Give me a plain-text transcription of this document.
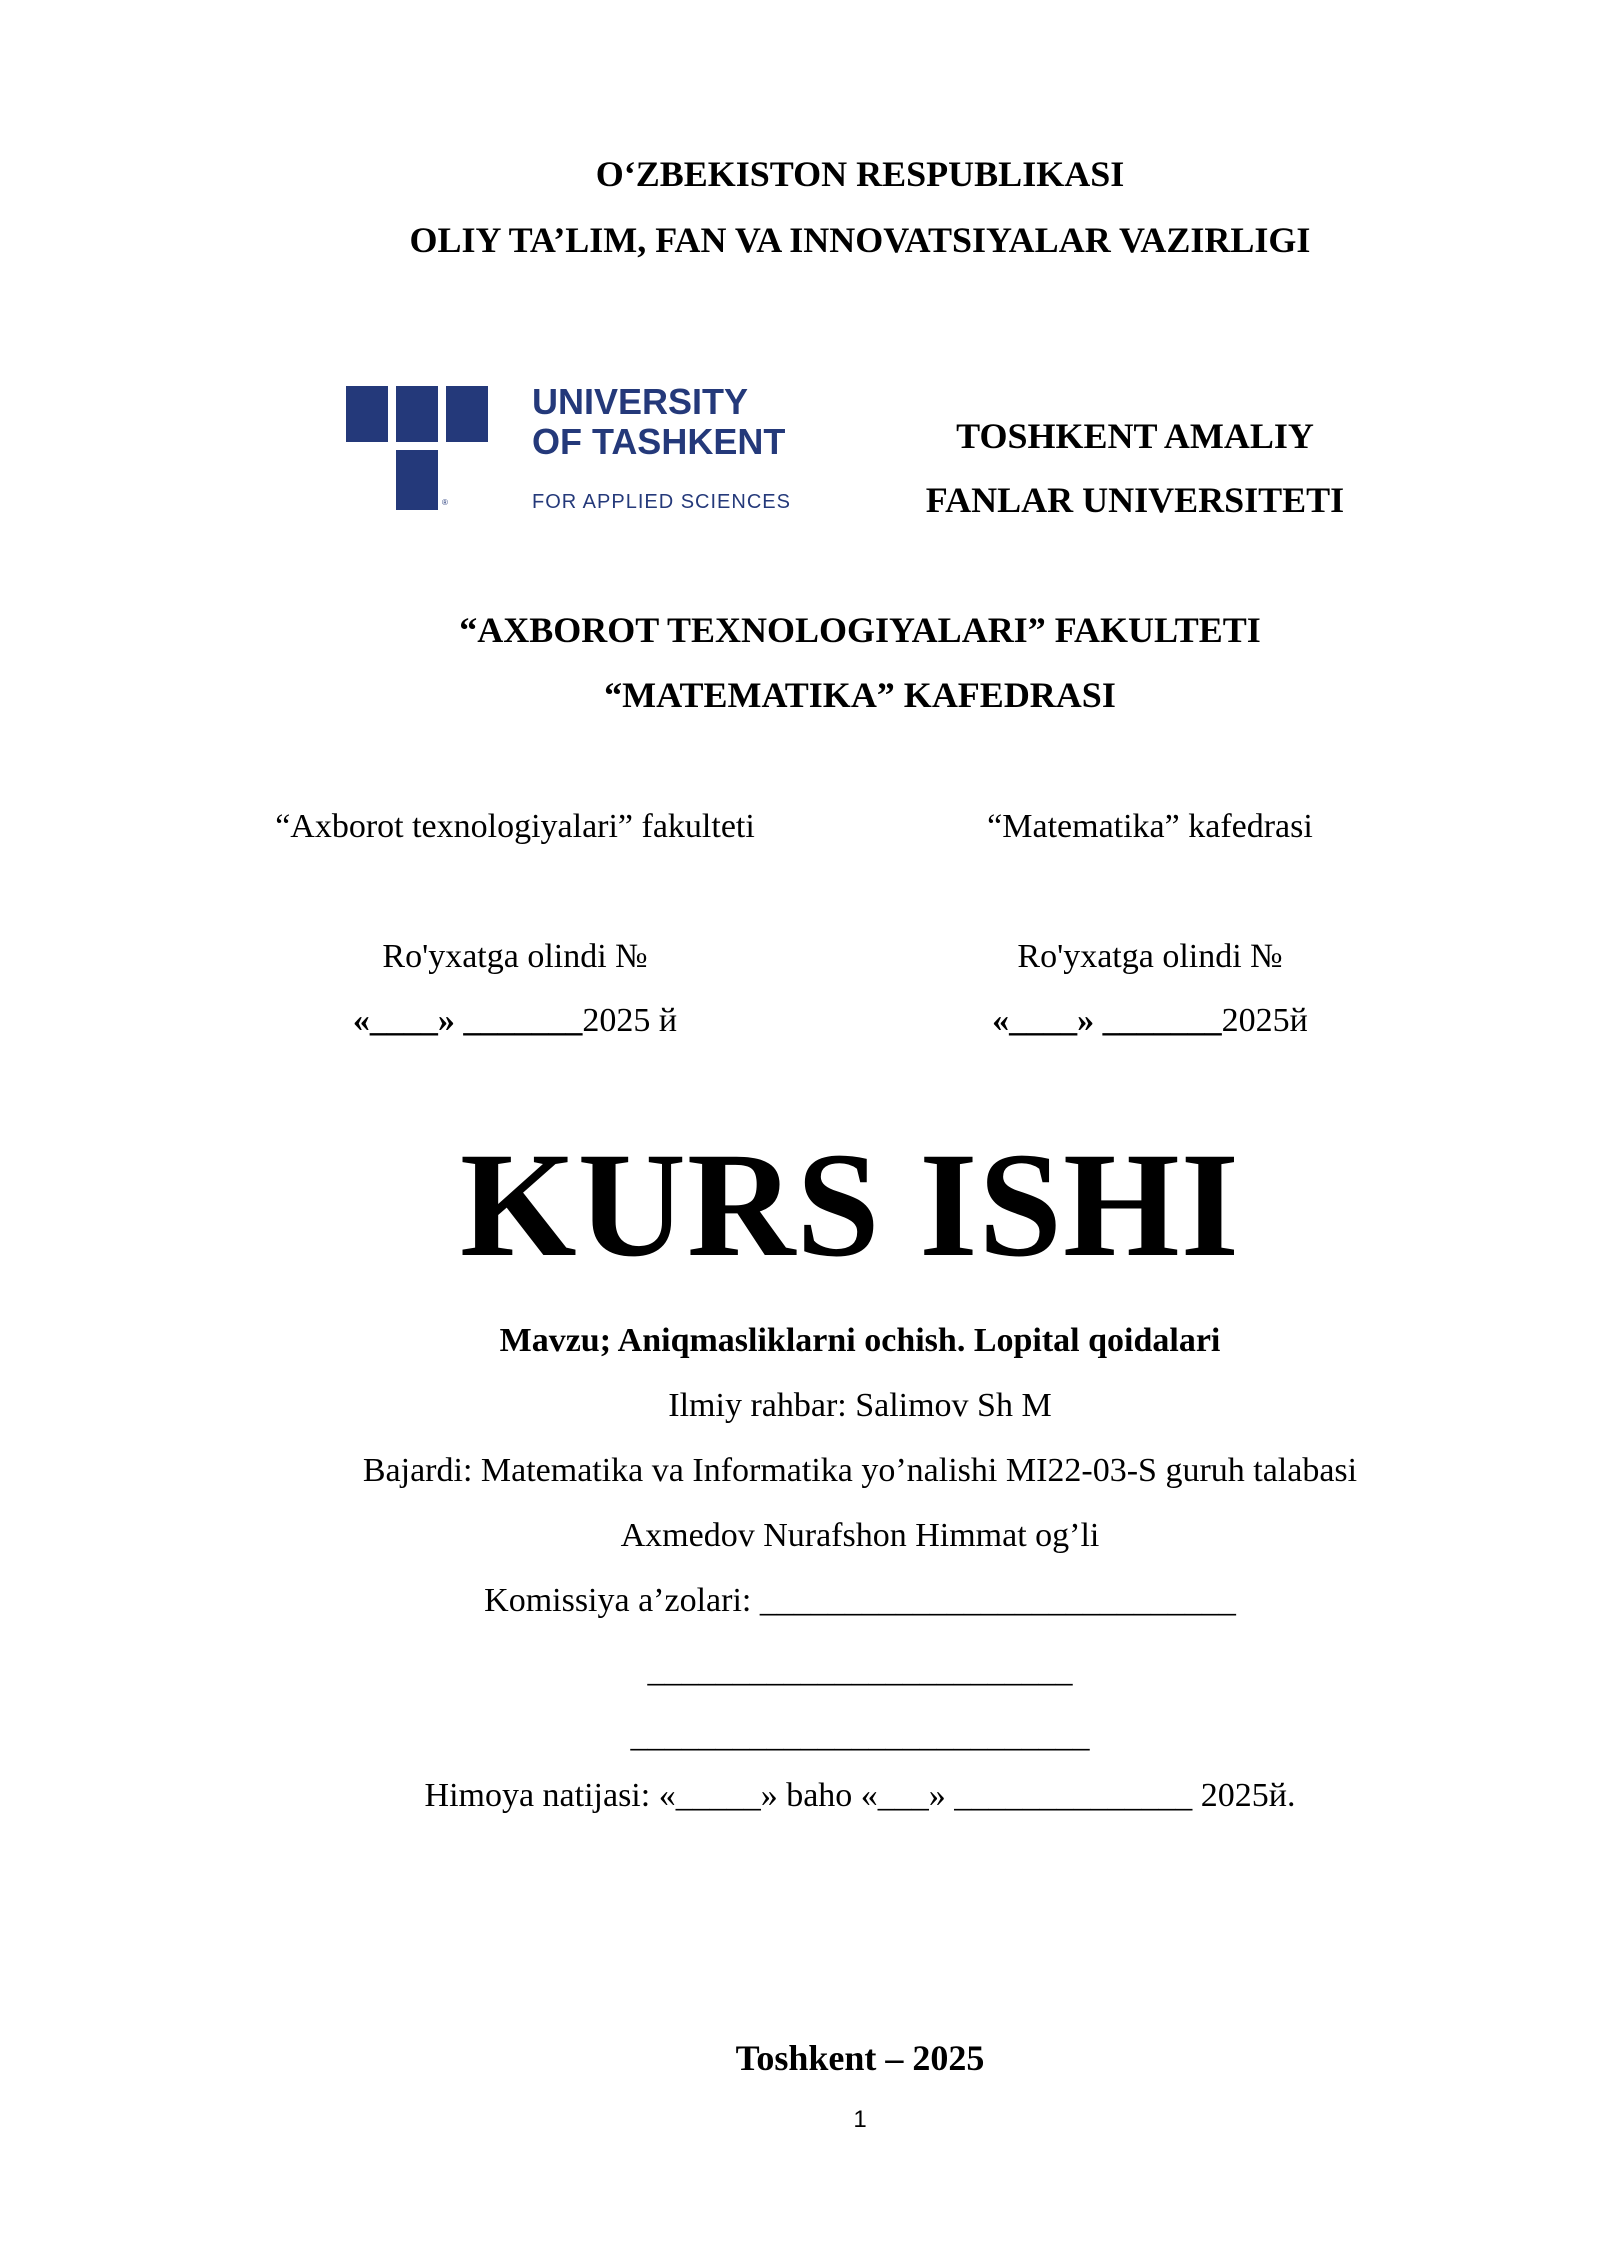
O‘ZBEKISTON RESPUBLIKASI
OLIY TA’LIM, FAN VA INNOVATSIYALAR VAZIRLIGI
®
UNIVERSITY
OF TASHKENT
FOR APPLIED SCIENCES
TOSHKENT AMALIY
FANLAR UNIVERSITETI
“AXBOROT TEXNOLOGIYALARI” FAKULTETI
“MATEMATIKA” KAFEDRASI
“Axborot texnologiyalari” fakulteti
Ro'yxatga olindi №
«____» _______2025 й
“Matematika” kafedrasi
Ro'yxatga olindi №
«____» _______2025й
KURS ISHI
Mavzu; Aniqmasliklarni ochish. Lopital qoidalari
Ilmiy rahbar: Salimov Sh M
Bajardi: Matematika va Informatika yo’nalishi MI22-03-S guruh talabasi
Axmedov Nurafshon Himmat og’li
Komissiya a’zolari: ____________________________
_________________________
___________________________
Himoya natijasi: «_____» baho «___» ______________ 2025й.
Toshkent – 2025
1
